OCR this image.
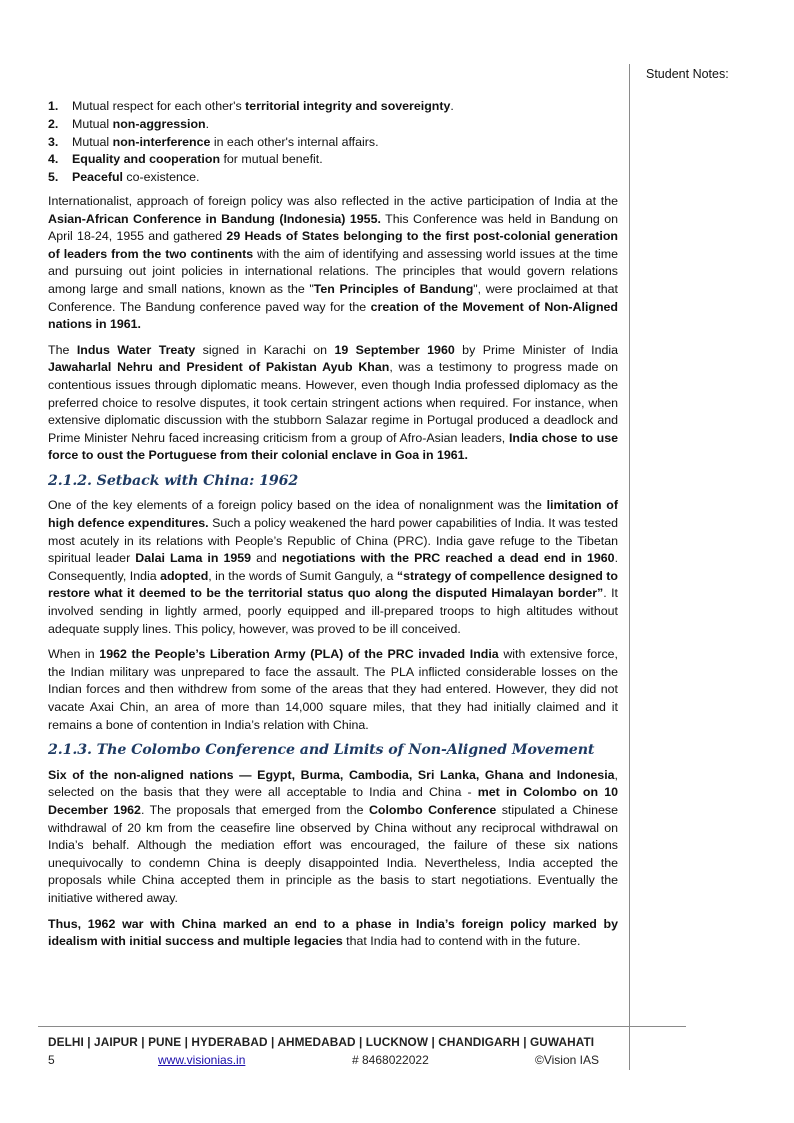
Student Notes:
1. Mutual respect for each other's territorial integrity and sovereignty.
2. Mutual non-aggression.
3. Mutual non-interference in each other's internal affairs.
4. Equality and cooperation for mutual benefit.
5. Peaceful co-existence.

Internationalist, approach of foreign policy was also reflected in the active participation of India at the Asian-African Conference in Bandung (Indonesia) 1955. This Conference was held in Bandung on April 18-24, 1955 and gathered 29 Heads of States belonging to the first post-colonial generation of leaders from the two continents with the aim of identifying and assessing world issues at the time and pursuing out joint policies in international relations. The principles that would govern relations among large and small nations, known as the "Ten Principles of Bandung", were proclaimed at that Conference. The Bandung conference paved way for the creation of the Movement of Non-Aligned nations in 1961.

The Indus Water Treaty signed in Karachi on 19 September 1960 by Prime Minister of India Jawaharlal Nehru and President of Pakistan Ayub Khan, was a testimony to progress made on contentious issues through diplomatic means. However, even though India professed diplomacy as the preferred choice to resolve disputes, it took certain stringent actions when required. For instance, when extensive diplomatic discussion with the stubborn Salazar regime in Portugal produced a deadlock and Prime Minister Nehru faced increasing criticism from a group of Afro-Asian leaders, India chose to use force to oust the Portuguese from their colonial enclave in Goa in 1961.

2.1.2. Setback with China: 1962

One of the key elements of a foreign policy based on the idea of nonalignment was the limitation of high defence expenditures. Such a policy weakened the hard power capabilities of India. It was tested most acutely in its relations with People’s Republic of China (PRC). India gave refuge to the Tibetan spiritual leader Dalai Lama in 1959 and negotiations with the PRC reached a dead end in 1960. Consequently, India adopted, in the words of Sumit Ganguly, a “strategy of compellence designed to restore what it deemed to be the territorial status quo along the disputed Himalayan border”. It involved sending in lightly armed, poorly equipped and ill-prepared troops to high altitudes without adequate supply lines. This policy, however, was proved to be ill conceived.

When in 1962 the People’s Liberation Army (PLA) of the PRC invaded India with extensive force, the Indian military was unprepared to face the assault. The PLA inflicted considerable losses on the Indian forces and then withdrew from some of the areas that they had entered. However, they did not vacate Axai Chin, an area of more than 14,000 square miles, that they had initially claimed and it remains a bone of contention in India’s relation with China.

2.1.3. The Colombo Conference and Limits of Non-Aligned Movement

Six of the non-aligned nations — Egypt, Burma, Cambodia, Sri Lanka, Ghana and Indonesia, selected on the basis that they were all acceptable to India and China - met in Colombo on 10 December 1962. The proposals that emerged from the Colombo Conference stipulated a Chinese withdrawal of 20 km from the ceasefire line observed by China without any reciprocal withdrawal on India’s behalf. Although the mediation effort was encouraged, the failure of these six nations unequivocally to condemn China is deeply disappointed India. Nevertheless, India accepted the proposals while China accepted them in principle as the basis to start negotiations. Eventually the initiative withered away.

Thus, 1962 war with China marked an end to a phase in India’s foreign policy marked by idealism with initial success and multiple legacies that India had to contend with in the future.

DELHI | JAIPUR | PUNE | HYDERABAD | AHMEDABAD | LUCKNOW | CHANDIGARH | GUWAHATI
5	www.visionias.in	# 8468022022	©Vision IAS
